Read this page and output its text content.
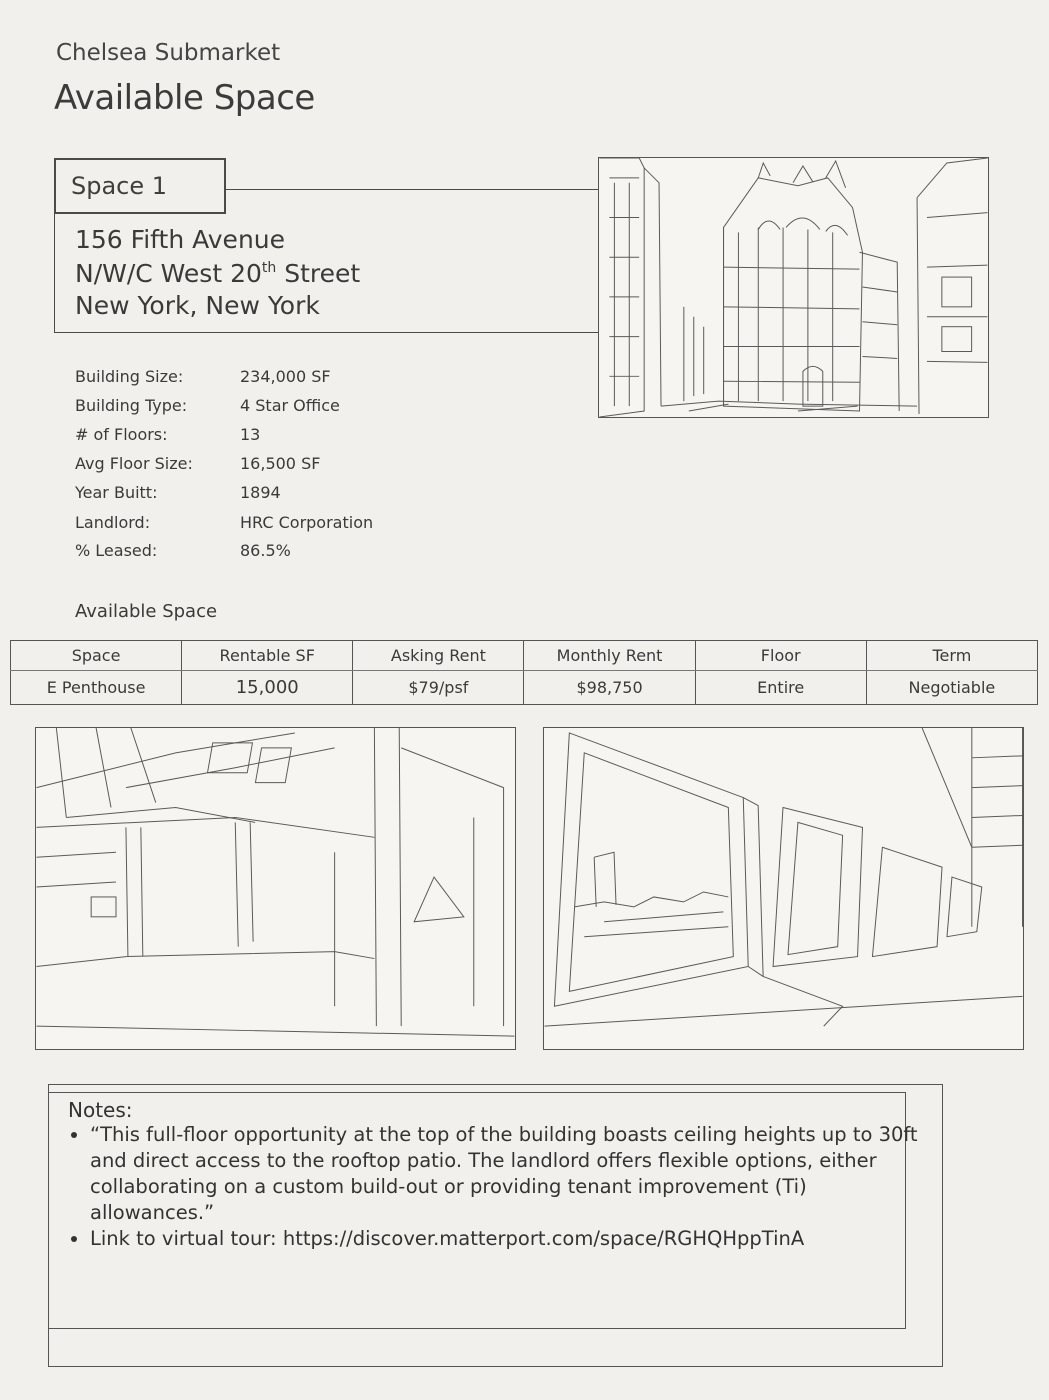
Chelsea Submarket
Available Space
Space 1
156 Fifth Avenue
N/W/C West 20th Street
New York, New York
Building Size:	234,000 SF
Building Type:	4 Star Office
# of Floors:	13
Avg Floor Size:	16,500 SF
Year Buitt:	1894
Landlord:	HRC Corporation
% Leased:	86.5%
Available Space
Space	Rentable SF	Asking Rent	Monthly Rent	Floor	Term
E Penthouse	15,000	$79/psf	$98,750	Entire	Negotiable
Notes:
• “This full-floor opportunity at the top of the building boasts ceiling heights up to 30ft and direct access to the rooftop patio. The landlord offers flexible options, either collaborating on a custom build-out or providing tenant improvement (Ti) allowances.”
• Link to virtual tour: https://discover.matterport.com/space/RGHQHppTinA
